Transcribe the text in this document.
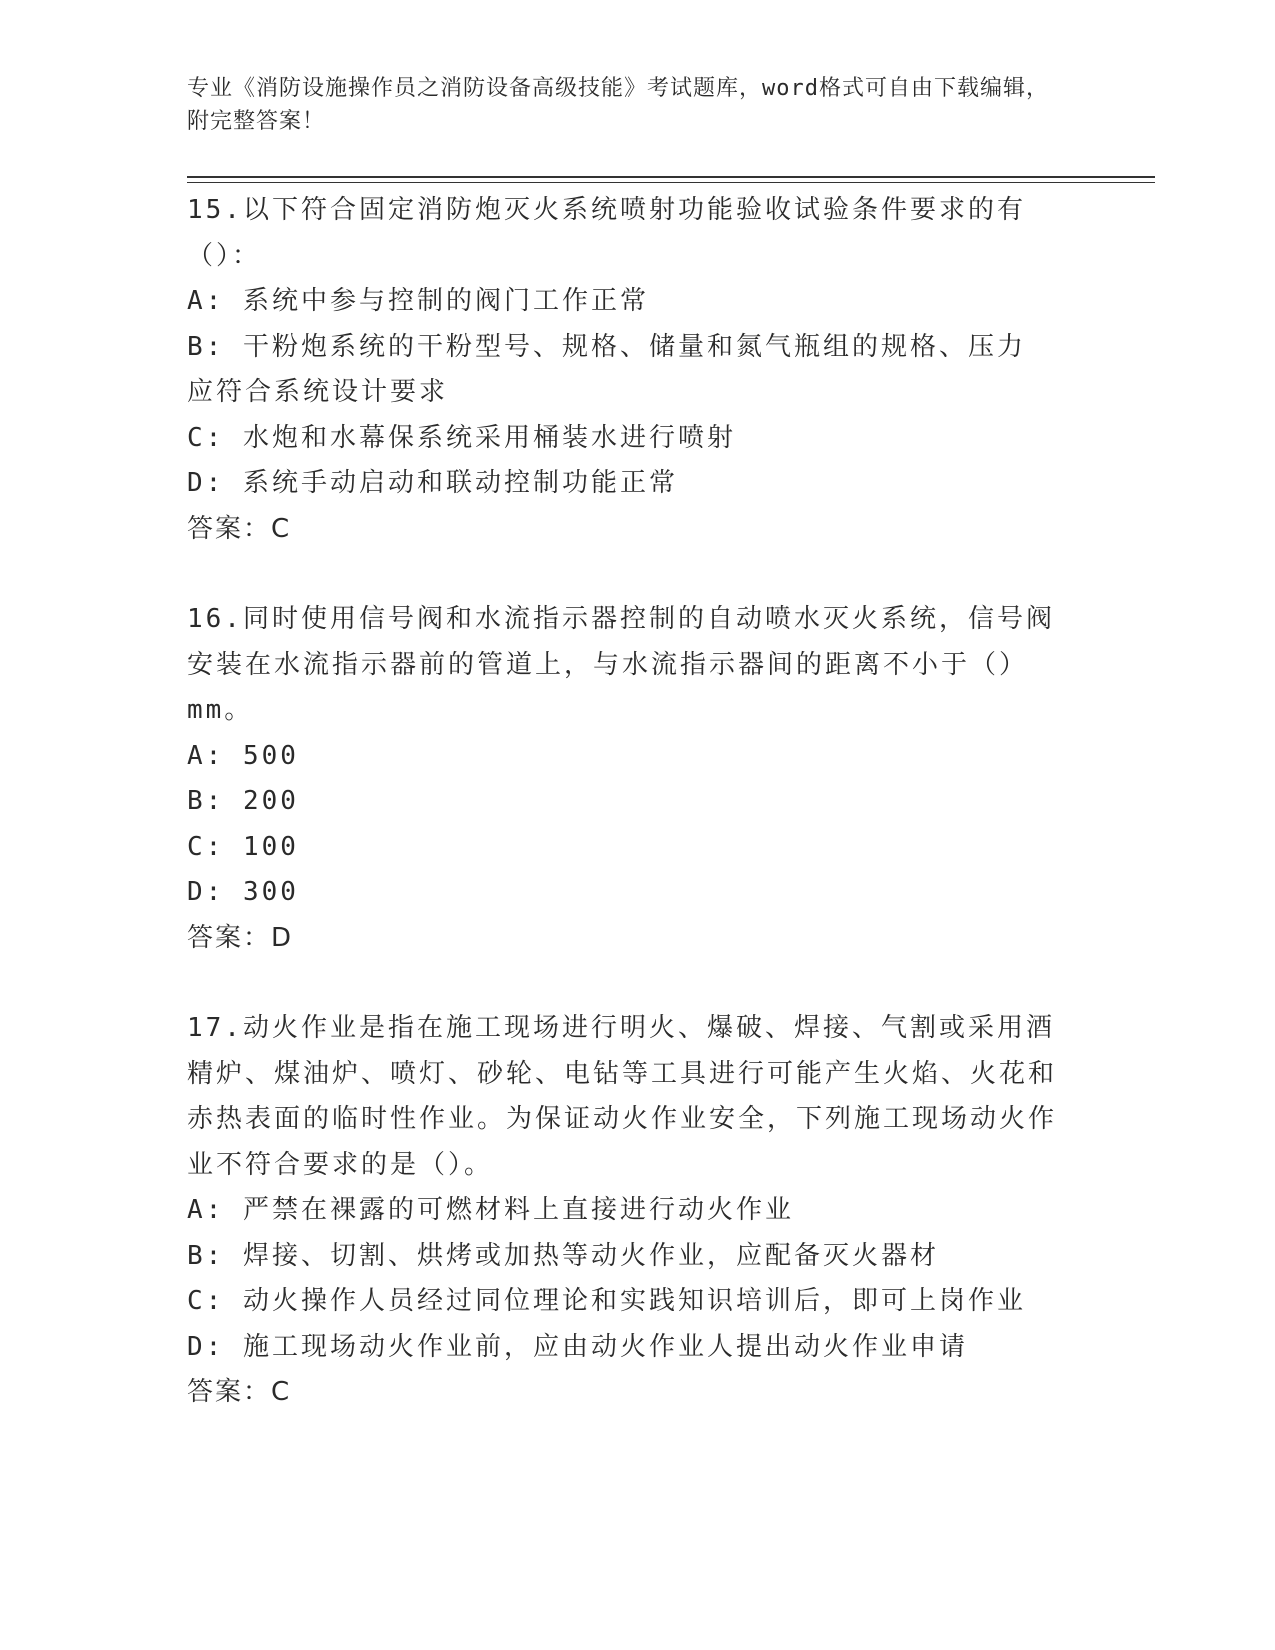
专业《消防设施操作员之消防设备高级技能》考试题库，word格式可自由下载编辑，附完整答案！
15.以下符合固定消防炮灭火系统喷射功能验收试验条件要求的有（）：
A: 系统中参与控制的阀门工作正常
B: 干粉炮系统的干粉型号、规格、储量和氮气瓶组的规格、压力应符合系统设计要求
C: 水炮和水幕保系统采用桶装水进行喷射
D: 系统手动启动和联动控制功能正常
答案：C
16.同时使用信号阀和水流指示器控制的自动喷水灭火系统，信号阀安装在水流指示器前的管道上，与水流指示器间的距离不小于（）mm。
A: 500
B: 200
C: 100
D: 300
答案：D
17.动火作业是指在施工现场进行明火、爆破、焊接、气割或采用酒精炉、煤油炉、喷灯、砂轮、电钻等工具进行可能产生火焰、火花和赤热表面的临时性作业。为保证动火作业安全，下列施工现场动火作业不符合要求的是（）。
A: 严禁在裸露的可燃材料上直接进行动火作业
B: 焊接、切割、烘烤或加热等动火作业，应配备灭火器材
C: 动火操作人员经过同位理论和实践知识培训后，即可上岗作业
D: 施工现场动火作业前，应由动火作业人提出动火作业申请
答案：C
